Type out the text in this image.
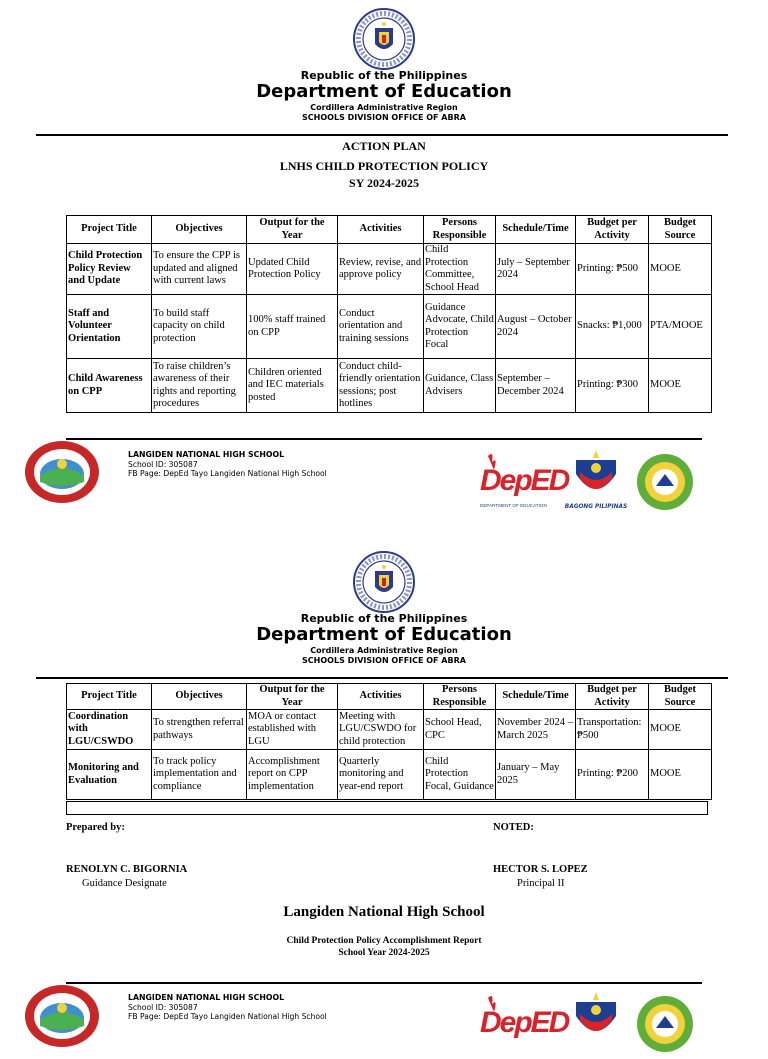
Republic of the Philippines
Department of Education
Cordillera Administrative Region
SCHOOLS DIVISION OFFICE OF ABRA
ACTION PLAN
LNHS CHILD PROTECTION POLICY
SY 2024-2025
Project Title	Objectives	Output for the Year	Activities	Persons Responsible	Schedule/Time	Budget per Activity	Budget Source
Child Protection Policy Review and Update	To ensure the CPP is updated and aligned with current laws	Updated Child Protection Policy	Review, revise, and approve policy	Child Protection Committee, School Head	July – September 2024	Printing: ₱500	MOOE
Staff and Volunteer Orientation	To build staff capacity on child protection	100% staff trained on CPP	Conduct orientation and training sessions	Guidance Advocate, Child Protection Focal	August – October 2024	Snacks: ₱1,000	PTA/MOOE
Child Awareness on CPP	To raise children’s awareness of their rights and reporting procedures	Children oriented and IEC materials posted	Conduct child-friendly orientation sessions; post hotlines	Guidance, Class Advisers	September – December 2024	Printing: ₱300	MOOE
LANGIDEN NATIONAL HIGH SCHOOL
School ID: 305087
FB Page: DepEd Tayo Langiden National High School	DepED
DEPARTMENT OF EDUCATION	BAGONG PILIPINAS
Republic of the Philippines
Department of Education
Cordillera Administrative Region
SCHOOLS DIVISION OFFICE OF ABRA
Project Title	Objectives	Output for the Year	Activities	Persons Responsible	Schedule/Time	Budget per Activity	Budget Source
Coordination with LGU/CSWDO	To strengthen referral pathways	MOA or contact established with LGU	Meeting with LGU/CSWDO for child protection	School Head, CPC	November 2024 – March 2025	Transportation: ₱500	MOOE
Monitoring and Evaluation	To track policy implementation and compliance	Accomplishment report on CPP implementation	Quarterly monitoring and year-end report	Child Protection Focal, Guidance	January – May 2025	Printing: ₱200	MOOE
Prepared by:	NOTED:
RENOLYN C. BIGORNIA
Guidance Designate
HECTOR S. LOPEZ
Principal II
Langiden National High School
Child Protection Policy Accomplishment Report
School Year 2024-2025
LANGIDEN NATIONAL HIGH SCHOOL
School ID: 305087
FB Page: DepEd Tayo Langiden National High School	DepED
